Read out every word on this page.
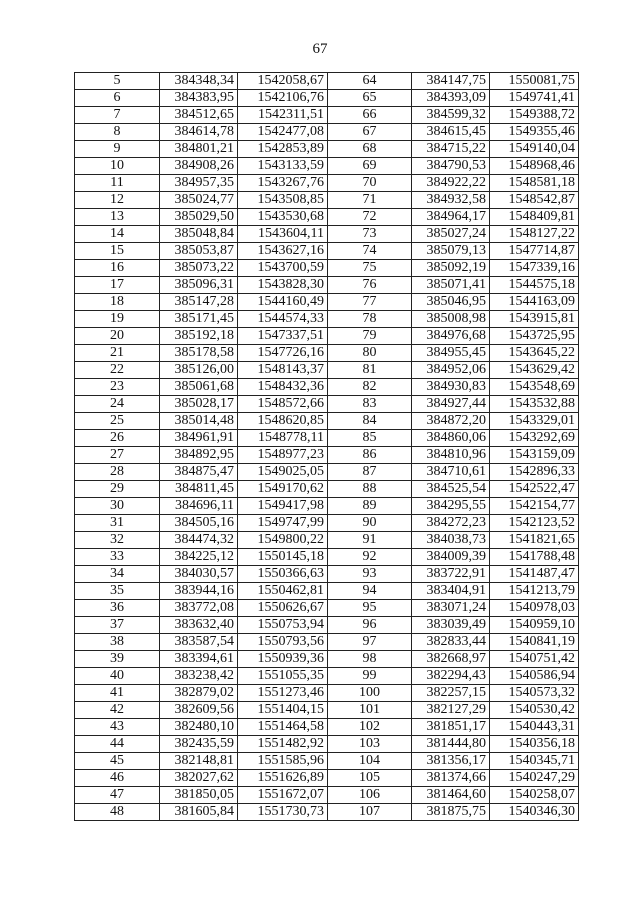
67
5	384348,34	1542058,67	64	384147,75	1550081,75
6	384383,95	1542106,76	65	384393,09	1549741,41
7	384512,65	1542311,51	66	384599,32	1549388,72
8	384614,78	1542477,08	67	384615,45	1549355,46
9	384801,21	1542853,89	68	384715,22	1549140,04
10	384908,26	1543133,59	69	384790,53	1548968,46
11	384957,35	1543267,76	70	384922,22	1548581,18
12	385024,77	1543508,85	71	384932,58	1548542,87
13	385029,50	1543530,68	72	384964,17	1548409,81
14	385048,84	1543604,11	73	385027,24	1548127,22
15	385053,87	1543627,16	74	385079,13	1547714,87
16	385073,22	1543700,59	75	385092,19	1547339,16
17	385096,31	1543828,30	76	385071,41	1544575,18
18	385147,28	1544160,49	77	385046,95	1544163,09
19	385171,45	1544574,33	78	385008,98	1543915,81
20	385192,18	1547337,51	79	384976,68	1543725,95
21	385178,58	1547726,16	80	384955,45	1543645,22
22	385126,00	1548143,37	81	384952,06	1543629,42
23	385061,68	1548432,36	82	384930,83	1543548,69
24	385028,17	1548572,66	83	384927,44	1543532,88
25	385014,48	1548620,85	84	384872,20	1543329,01
26	384961,91	1548778,11	85	384860,06	1543292,69
27	384892,95	1548977,23	86	384810,96	1543159,09
28	384875,47	1549025,05	87	384710,61	1542896,33
29	384811,45	1549170,62	88	384525,54	1542522,47
30	384696,11	1549417,98	89	384295,55	1542154,77
31	384505,16	1549747,99	90	384272,23	1542123,52
32	384474,32	1549800,22	91	384038,73	1541821,65
33	384225,12	1550145,18	92	384009,39	1541788,48
34	384030,57	1550366,63	93	383722,91	1541487,47
35	383944,16	1550462,81	94	383404,91	1541213,79
36	383772,08	1550626,67	95	383071,24	1540978,03
37	383632,40	1550753,94	96	383039,49	1540959,10
38	383587,54	1550793,56	97	382833,44	1540841,19
39	383394,61	1550939,36	98	382668,97	1540751,42
40	383238,42	1551055,35	99	382294,43	1540586,94
41	382879,02	1551273,46	100	382257,15	1540573,32
42	382609,56	1551404,15	101	382127,29	1540530,42
43	382480,10	1551464,58	102	381851,17	1540443,31
44	382435,59	1551482,92	103	381444,80	1540356,18
45	382148,81	1551585,96	104	381356,17	1540345,71
46	382027,62	1551626,89	105	381374,66	1540247,29
47	381850,05	1551672,07	106	381464,60	1540258,07
48	381605,84	1551730,73	107	381875,75	1540346,30
